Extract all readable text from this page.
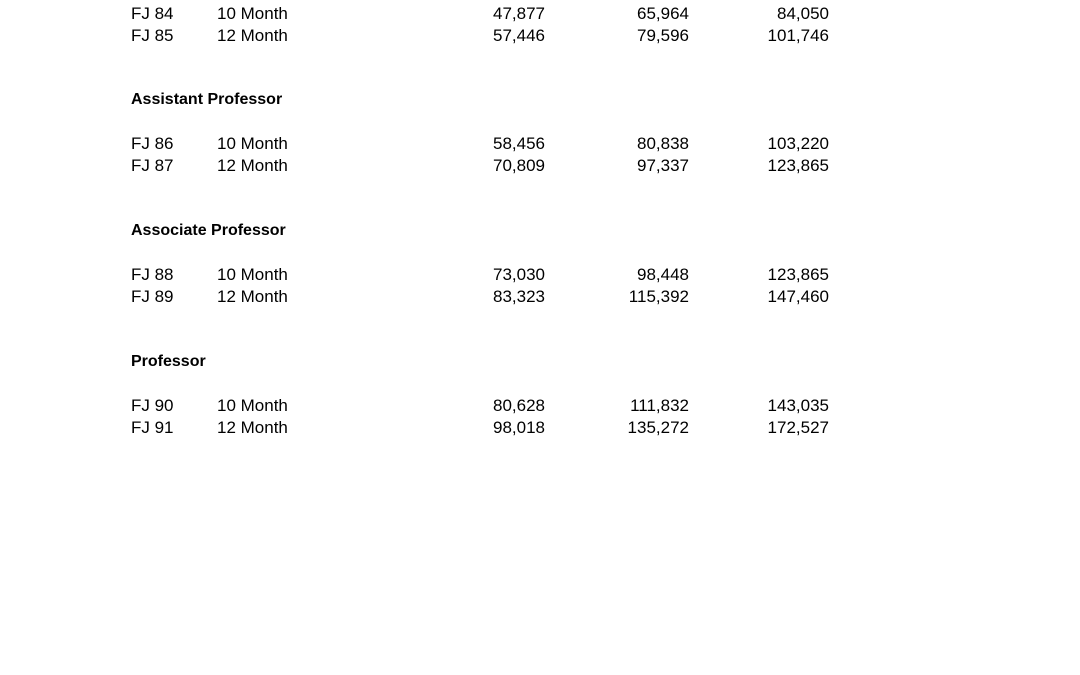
FJ 84	10 Month	47,877	65,964	84,050
FJ 85	12 Month	57,446	79,596	101,746
Assistant Professor
FJ 86	10 Month	58,456	80,838	103,220
FJ 87	12 Month	70,809	97,337	123,865
Associate Professor
FJ 88	10 Month	73,030	98,448	123,865
FJ 89	12 Month	83,323	115,392	147,460
Professor
FJ 90	10 Month	80,628	111,832	143,035
FJ 91	12 Month	98,018	135,272	172,527
